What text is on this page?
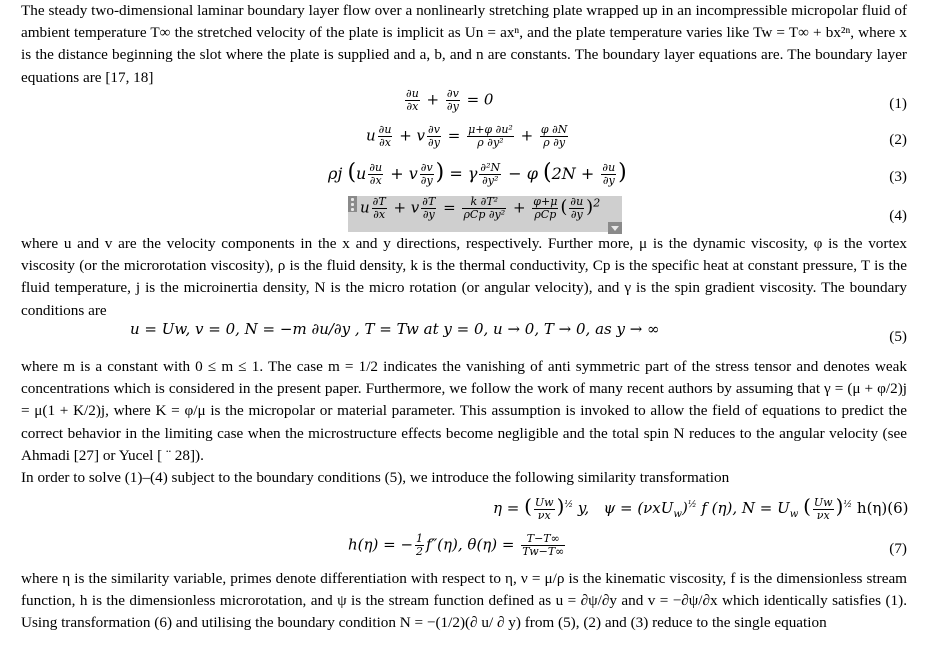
The steady two-dimensional laminar boundary layer flow over a nonlinearly stretching plate wrapped up in an incompressible micropolar fluid of ambient temperature T∞ the stretched velocity of the plate is implicit as Un = axⁿ, and the plate temperature varies like Tw = T∞ + bx²ⁿ, where x is the distance beginning the slot where the plate is supplied and a, b, and n are constants. The boundary layer equations are. The boundary layer equations are [17, 18]

$\frac{\partial u}{\partial x} + \frac{\partial v}{\partial y} = 0$	(1)
u $\frac{\partial u}{\partial x} + v \frac{\partial v}{\partial y} = \frac{\text{μ+φ ∂u²}}{\text{ρ ∂y²}} + \frac{\varphi \partial N}{\rho \partial y}$	(2)
ρj ($u \frac{\partial u}{\partial x} + v \frac{\partial v}{\partial y}$ ) = γ $\frac{\text{∂²N}}{\text{∂y²}} - \varphi$ ($2N + \frac{\partial u}{\partial y}$ )	(3)
u $\frac{\partial T}{\partial x} + v \frac{\partial T}{\partial y} = \frac{\text{k ∂T²}}{\text{ρCp ∂y²}} + \frac{\varphi+\mu}{\text{ρCp}}$ ( $\frac{\partial u}{\partial y} )^2$
(4)

where u and v are the velocity components in the x and y directions, respectively. Further more, μ is the dynamic viscosity, φ is the vortex viscosity (or the microrotation viscosity), ρ is the fluid density, k is the thermal conductivity, Cp is the specific heat at constant pressure, T is the fluid temperature, j is the microinertia density, N is the micro rotation (or angular velocity), and γ is the spin gradient viscosity. The boundary conditions are

u = Uw, v = 0, N = −m ∂u/∂y , T = Tw at y = 0, u → 0, T → 0, as y → ∞	(5)

where m is a constant with 0 ≤ m ≤ 1. The case m = 1/2 indicates the vanishing of anti symmetric part of the stress tensor and denotes weak concentrations which is considered in the present paper. Furthermore, we follow the work of many recent authors by assuming that γ = (μ + φ/2)j = μ(1 + K/2)j, where K = φ/μ is the micropolar or material parameter. This assumption is invoked to allow the field of equations to predict the correct behavior in the limiting case when the microstructure effects become negligible and the total spin N reduces to the angular velocity (see Ahmadi [27] or Yucel [ ¨ 28]).

In order to solve (1)–(4) subject to the boundary conditions (5), we introduce the following similarity transformation

η = ( $\frac{Uw}{\nu x} )^{\frac{1}{2}}$ y,   $\psi = (\nu xU_w)^{\frac{1}{2}}$ f (η), $N = U_w$ ( $\frac{Uw}{\nu x} )^{\frac{1}{2}}$ h(η)(6)
h(η) = − $\frac{1}{2} f''(\eta)$, $\theta(\eta) = \frac{T-T\infty}{Tw-T\infty}$	(7)

where η is the similarity variable, primes denote differentiation with respect to η, ν = μ/ρ is the kinematic viscosity, f is the dimensionless stream function, h is the dimensionless microrotation, and ψ is the stream function defined as u = ∂ψ/∂y and v = −∂ψ/∂x which identically satisfies (1). Using transformation (6) and utilising the boundary condition N = −(1/2)(∂ u/ ∂ y) from (5), (2) and (3) reduce to the single equation
